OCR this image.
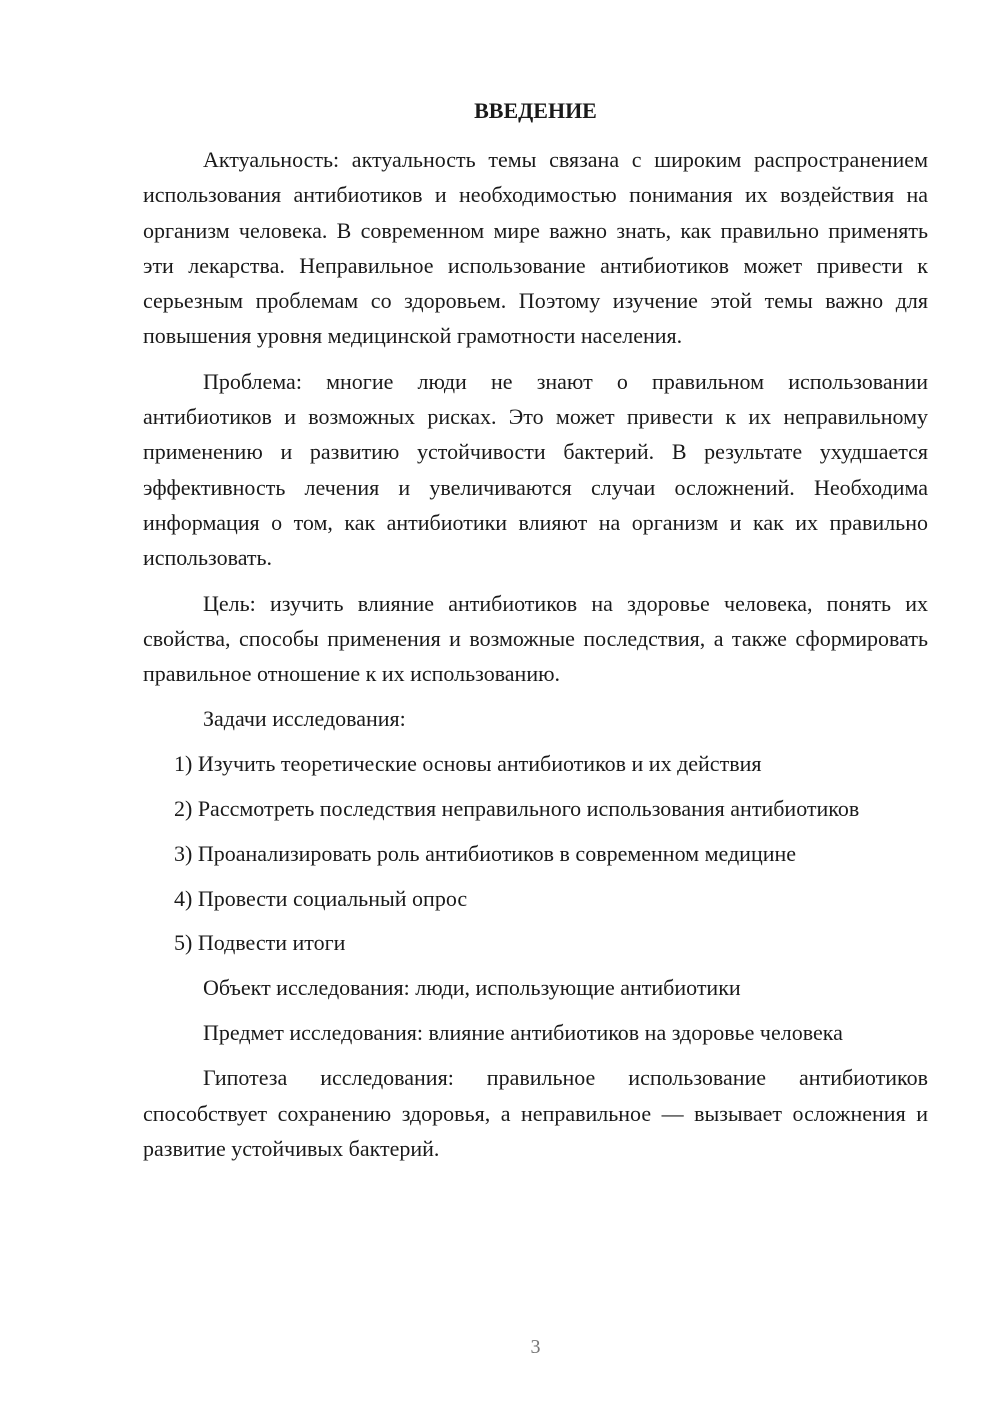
ВВЕДЕНИЕ

Актуальность: актуальность темы связана с широким распространением использования антибиотиков и необходимостью понимания их воздействия на организм человека. В современном мире важно знать, как правильно применять эти лекарства. Неправильное использование антибиотиков может привести к серьезным проблемам со здоровьем. Поэтому изучение этой темы важно для повышения уровня медицинской грамотности населения.

Проблема: многие люди не знают о правильном использовании антибиотиков и возможных рисках. Это может привести к их неправильному применению и развитию устойчивости бактерий. В результате ухудшается эффективность лечения и увеличиваются случаи осложнений. Необходима информация о том, как антибиотики влияют на организм и как их правильно использовать.

Цель: изучить влияние антибиотиков на здоровье человека, понять их свойства, способы применения и возможные последствия, а также сформировать правильное отношение к их использованию.

Задачи исследования:

1) Изучить теоретические основы антибиотиков и их действия

2) Рассмотреть последствия неправильного использования антибиотиков

3) Проанализировать роль антибиотиков в современном медицине

4) Провести социальный опрос

5) Подвести итоги

Объект исследования: люди, использующие антибиотики

Предмет исследования: влияние антибиотиков на здоровье человека

Гипотеза исследования: правильное использование антибиотиков способствует сохранению здоровья, а неправильное — вызывает осложнения и развитие устойчивых бактерий.

3
